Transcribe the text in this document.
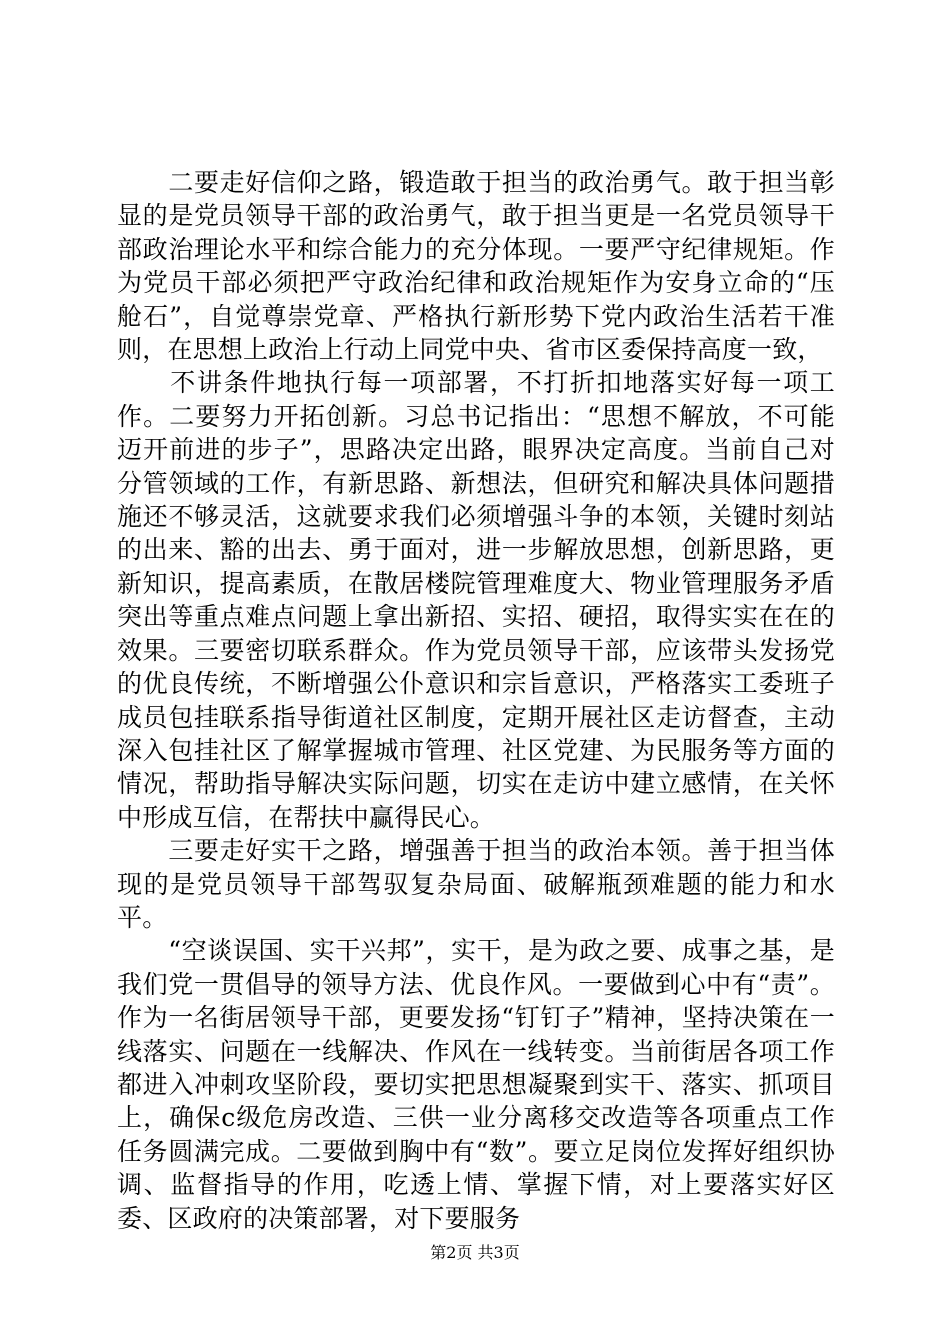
　　二要走好信仰之路，锻造敢于担当的政治勇气。敢于担当彰显的是党员领导干部的政治勇气，敢于担当更是一名党员领导干部政治理论水平和综合能力的充分体现。一要严守纪律规矩。作为党员干部必须把严守政治纪律和政治规矩作为安身立命的“压舱石”，自觉尊崇党章、严格执行新形势下党内政治生活若干准则，在思想上政治上行动上同党中央、省市区委保持高度一致，

　　不讲条件地执行每一项部署，不打折扣地落实好每一项工作。二要努力开拓创新。习总书记指出：“思想不解放，不可能迈开前进的步子”，思路决定出路，眼界决定高度。当前自己对分管领域的工作，有新思路、新想法，但研究和解决具体问题措施还不够灵活，这就要求我们必须增强斗争的本领，关键时刻站的出来、豁的出去、勇于面对，进一步解放思想，创新思路，更新知识，提高素质，在散居楼院管理难度大、物业管理服务矛盾突出等重点难点问题上拿出新招、实招、硬招，取得实实在在的效果。三要密切联系群众。作为党员领导干部，应该带头发扬党的优良传统，不断增强公仆意识和宗旨意识，严格落实工委班子成员包挂联系指导街道社区制度，定期开展社区走访督查，主动深入包挂社区了解掌握城市管理、社区党建、为民服务等方面的情况，帮助指导解决实际问题，切实在走访中建立感情，在关怀中形成互信，在帮扶中赢得民心。

　　三要走好实干之路，增强善于担当的政治本领。善于担当体现的是党员领导干部驾驭复杂局面、破解瓶颈难题的能力和水平。

　　“空谈误国、实干兴邦”，实干，是为政之要、成事之基，是我们党一贯倡导的领导方法、优良作风。一要做到心中有“责”。作为一名街居领导干部，更要发扬“钉钉子”精神，坚持决策在一线落实、问题在一线解决、作风在一线转变。当前街居各项工作都进入冲刺攻坚阶段，要切实把思想凝聚到实干、落实、抓项目上，确保c级危房改造、三供一业分离移交改造等各项重点工作任务圆满完成。二要做到胸中有“数”。要立足岗位发挥好组织协调、监督指导的作用，吃透上情、掌握下情，对上要落实好区委、区政府的决策部署，对下要服务

第2页 共3页
